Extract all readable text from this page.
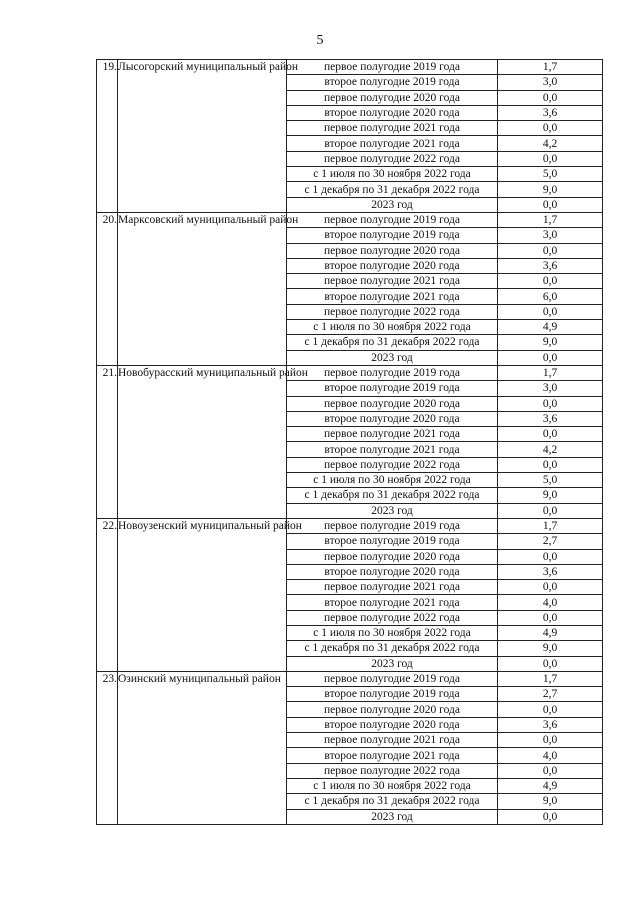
5
19.	Лысогорский муниципальный район	первое полугодие 2019 года	1,7
		второе полугодие 2019 года	3,0
		первое полугодие 2020 года	0,0
		второе полугодие 2020 года	3,6
		первое полугодие 2021 года	0,0
		второе полугодие 2021 года	4,2
		первое полугодие 2022 года	0,0
		с 1 июля по 30 ноября 2022 года	5,0
		с 1 декабря по 31 декабря 2022 года	9,0
		2023 год	0,0
20.	Марксовский муниципальный район	первое полугодие 2019 года	1,7
		второе полугодие 2019 года	3,0
		первое полугодие 2020 года	0,0
		второе полугодие 2020 года	3,6
		первое полугодие 2021 года	0,0
		второе полугодие 2021 года	6,0
		первое полугодие 2022 года	0,0
		с 1 июля по 30 ноября 2022 года	4,9
		с 1 декабря по 31 декабря 2022 года	9,0
		2023 год	0,0
21.	Новобурасский муниципальный район	первое полугодие 2019 года	1,7
		второе полугодие 2019 года	3,0
		первое полугодие 2020 года	0,0
		второе полугодие 2020 года	3,6
		первое полугодие 2021 года	0,0
		второе полугодие 2021 года	4,2
		первое полугодие 2022 года	0,0
		с 1 июля по 30 ноября 2022 года	5,0
		с 1 декабря по 31 декабря 2022 года	9,0
		2023 год	0,0
22.	Новоузенский муниципальный район	первое полугодие 2019 года	1,7
		второе полугодие 2019 года	2,7
		первое полугодие 2020 года	0,0
		второе полугодие 2020 года	3,6
		первое полугодие 2021 года	0,0
		второе полугодие 2021 года	4,0
		первое полугодие 2022 года	0,0
		с 1 июля по 30 ноября 2022 года	4,9
		с 1 декабря по 31 декабря 2022 года	9,0
		2023 год	0,0
23.	Озинский муниципальный район	первое полугодие 2019 года	1,7
		второе полугодие 2019 года	2,7
		первое полугодие 2020 года	0,0
		второе полугодие 2020 года	3,6
		первое полугодие 2021 года	0,0
		второе полугодие 2021 года	4,0
		первое полугодие 2022 года	0,0
		с 1 июля по 30 ноября 2022 года	4,9
		с 1 декабря по 31 декабря 2022 года	9,0
		2023 год	0,0
